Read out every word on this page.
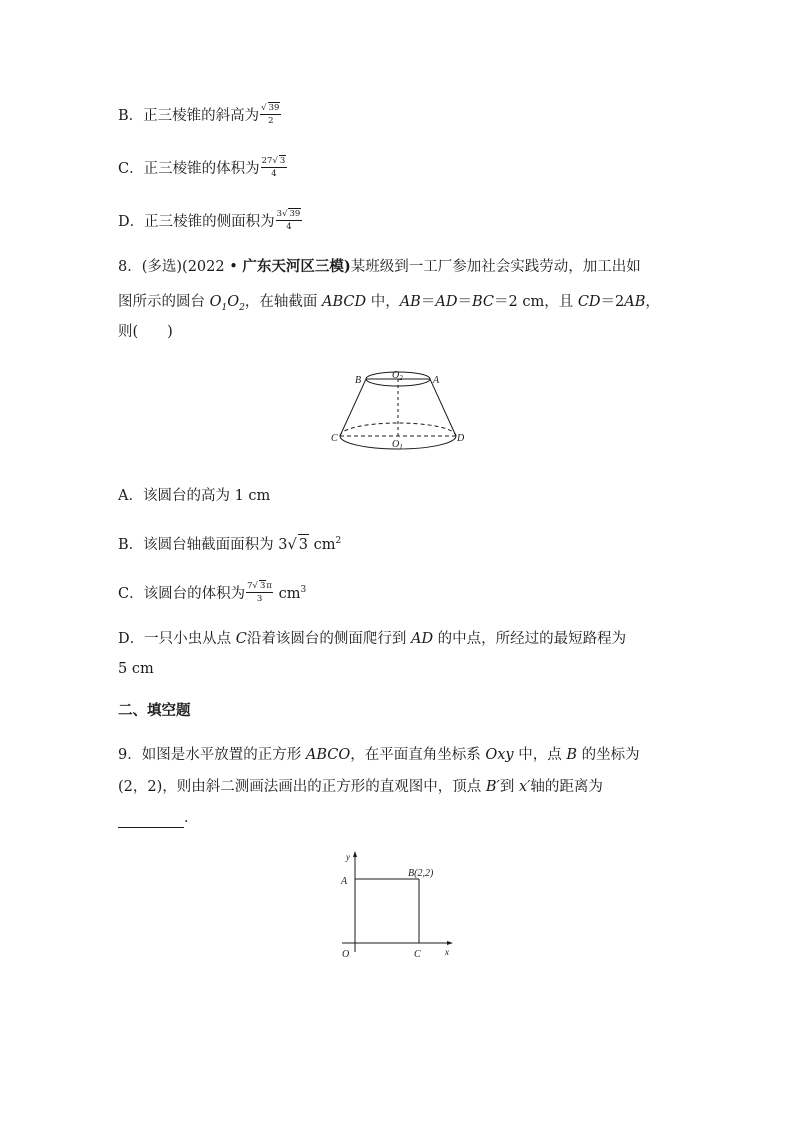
B．正三棱锥的斜高为 $\frac{√ 39}{2}$
C．正三棱锥的体积为 $\frac{27√ 3}{4}$
D．正三棱锥的侧面积为 $\frac{3√ 39}{4}$
8．(多选)(2022 • 广东天河区三模)某班级到一工厂参加社会实践劳动，加工出如
图所示的圆台 $O_1O_2$，在轴截面 ABCD 中，AB＝AD＝BC＝2 cm，且 CD＝2AB，
则(　　)
B	A
$O_2$
C	D
$O_1$
A．该圆台的高为 1 cm
B．该圆台轴截面面积为 3√ 3 $cm^2$
C．该圆台的体积为 $\frac{7√ 3\pi}{3} cm^3$
D．一只小虫从点 C沿着该圆台的侧面爬行到 AD 的中点，所经过的最短路程为
5 cm
二、填空题
9．如图是水平放置的正方形 ABCO，在平面直角坐标系 Oxy 中，点 B 的坐标为
(2，2)，则由斜二测画法画出的正方形的直观图中，顶点 B′到 x′轴的距离为
．
y
x
A
B(2,2)
O	C
